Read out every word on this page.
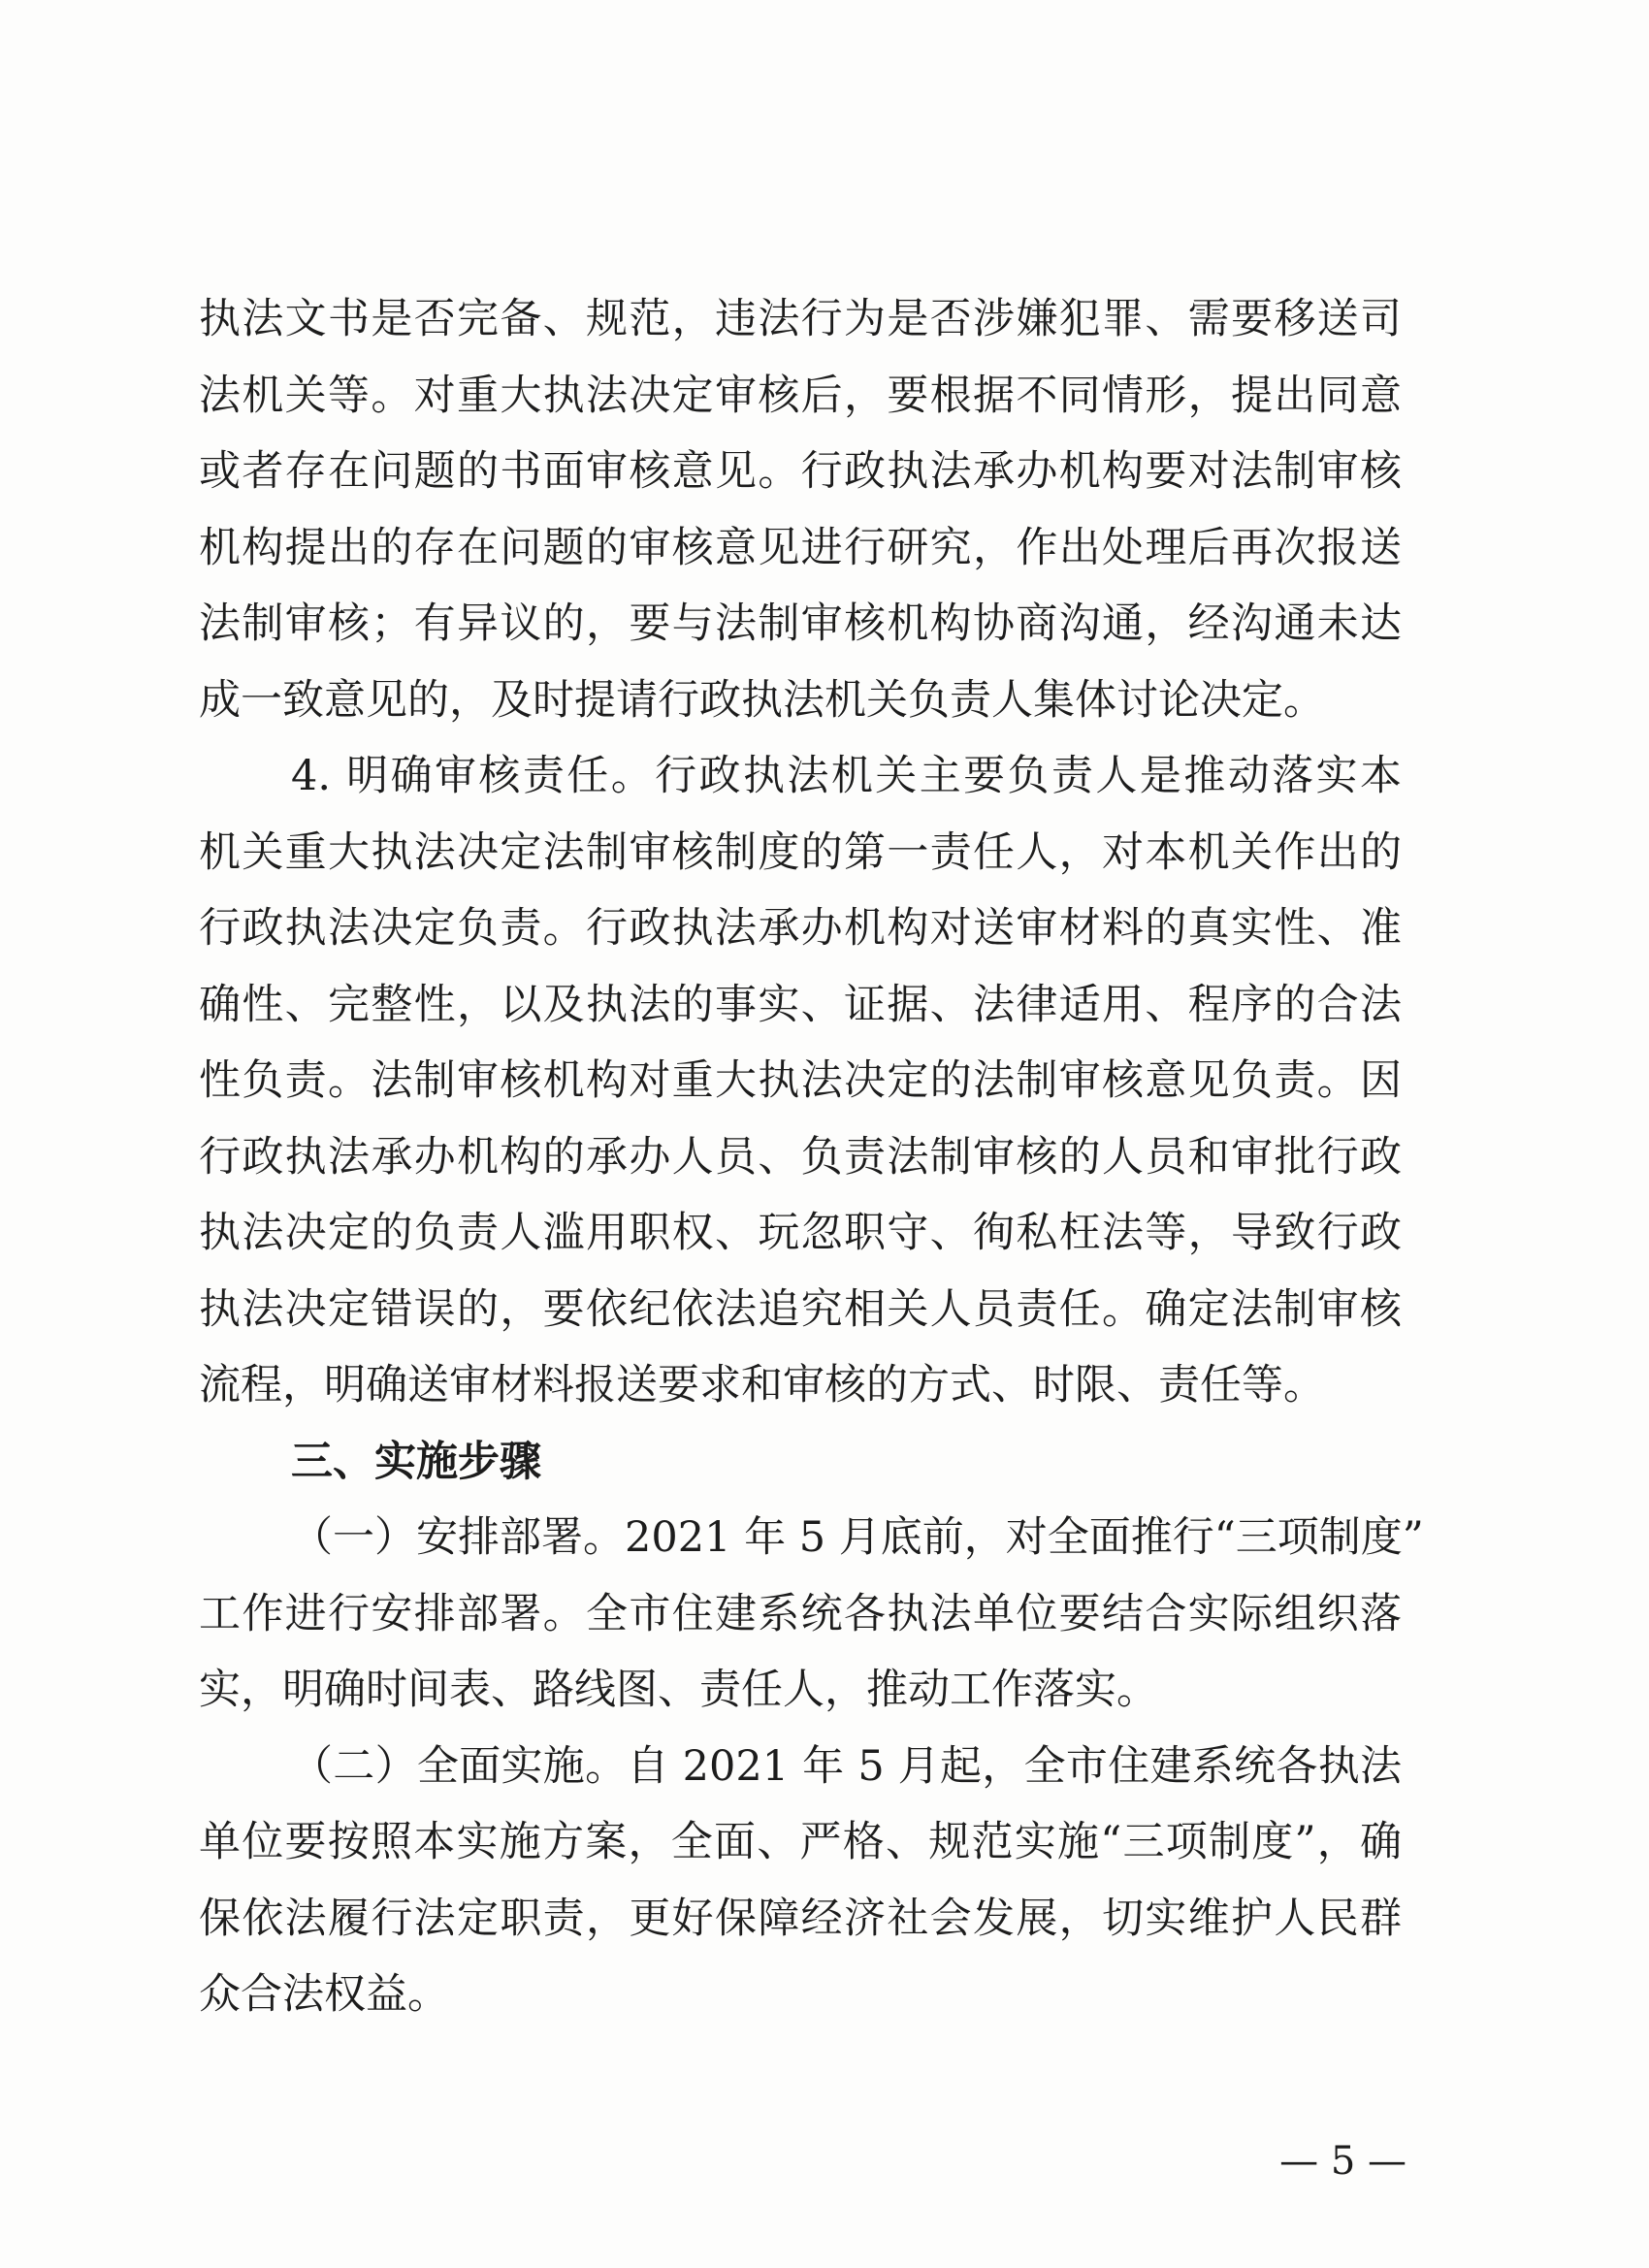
执法文书是否完备、规范，违法行为是否涉嫌犯罪、需要移送司
法机关等。对重大执法决定审核后，要根据不同情形，提出同意
或者存在问题的书面审核意见。行政执法承办机构要对法制审核
机构提出的存在问题的审核意见进行研究，作出处理后再次报送
法制审核；有异议的，要与法制审核机构协商沟通，经沟通未达
成一致意见的，及时提请行政执法机关负责人集体讨论决定。
4. 明确审核责任。行政执法机关主要负责人是推动落实本
机关重大执法决定法制审核制度的第一责任人，对本机关作出的
行政执法决定负责。行政执法承办机构对送审材料的真实性、准
确性、完整性，以及执法的事实、证据、法律适用、程序的合法
性负责。法制审核机构对重大执法决定的法制审核意见负责。因
行政执法承办机构的承办人员、负责法制审核的人员和审批行政
执法决定的负责人滥用职权、玩忽职守、徇私枉法等，导致行政
执法决定错误的，要依纪依法追究相关人员责任。确定法制审核
流程，明确送审材料报送要求和审核的方式、时限、责任等。
三、实施步骤
（一）安排部署。2021 年 5 月底前，对全面推行“三项制度”
工作进行安排部署。全市住建系统各执法单位要结合实际组织落
实，明确时间表、路线图、责任人，推动工作落实。
（二）全面实施。自 2021 年 5 月起，全市住建系统各执法
单位要按照本实施方案，全面、严格、规范实施“三项制度”，确
保依法履行法定职责，更好保障经济社会发展，切实维护人民群
众合法权益。
— 5 —
